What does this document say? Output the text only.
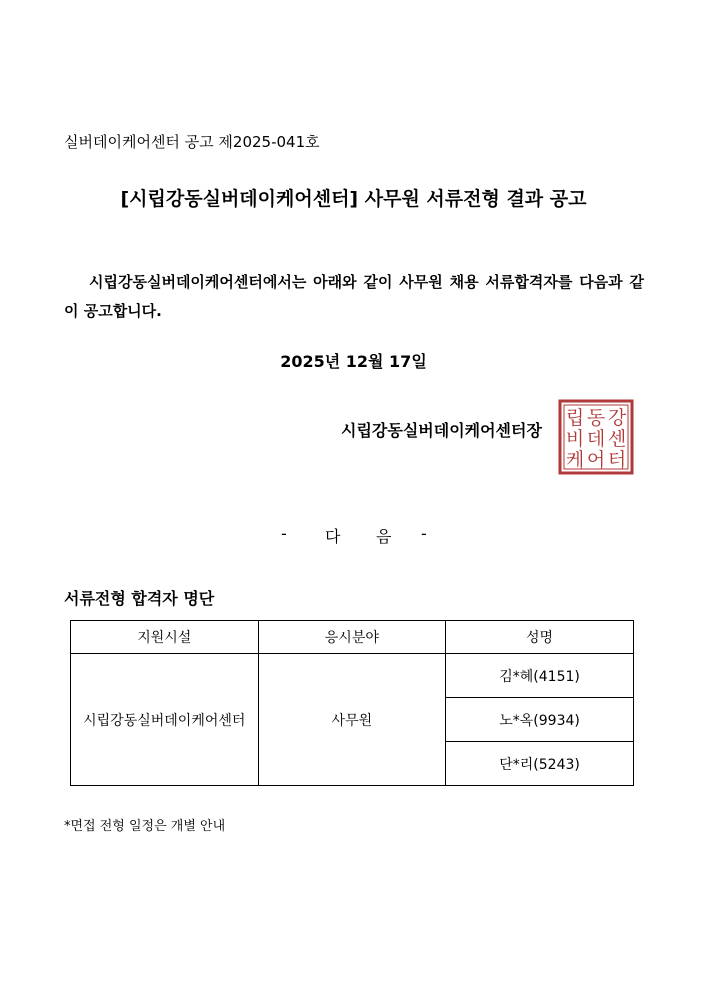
실버데이케어센터 공고 제2025-041호
[시립강동실버데이케어센터] 사무원 서류전형 결과 공고
시립강동실버데이케어센터에서는 아래와 같이 사무원 채용 서류합격자를 다음과 같이 공고합니다.
2025년 12월 17일
시립강동실버데이케어센터장
립 동 강
비 데 센
케 어 터
- 다 음 -
서류전형 합격자 명단
지원시설	응시분야	성명
시립강동실버데이케어센터	사무원	김*혜(4151)
		노*옥(9934)
		단*리(5243)
*면접 전형 일정은 개별 안내
